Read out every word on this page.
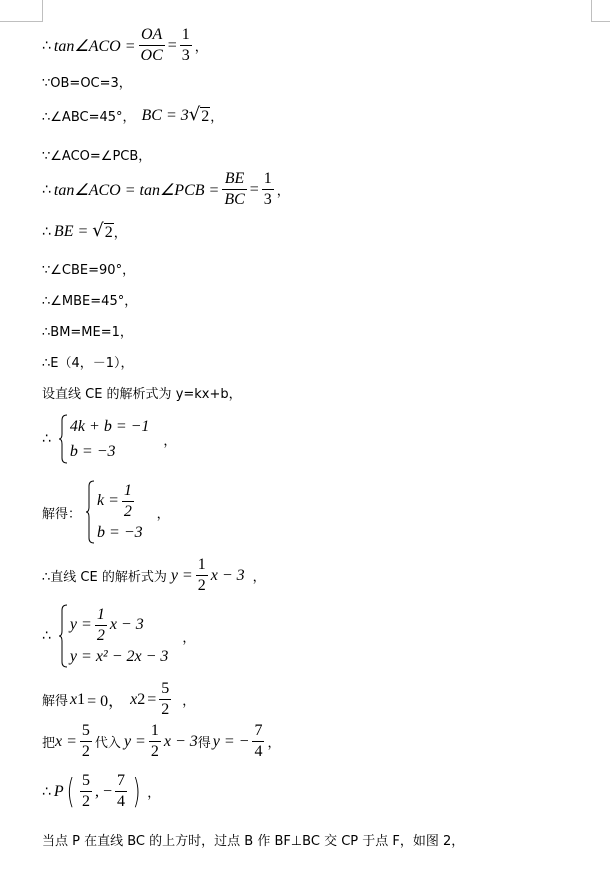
∴ tan∠ACO = $\frac{OA}{OC} = \frac{1}{3}$ ，
∵OB=OC=3，
∴∠ABC=45°， BC = 3 √ 2 ，
∵∠ACO=∠PCB，
∴ tan∠ACO = tan∠PCB = $\frac{BE}{BC} = \frac{1}{3}$ ，
∴ BE = √ 2 ，
∵∠CBE=90°，
∴∠MBE=45°，
∴BM=ME=1，
∴E（4，－1），
设直线 CE 的解析式为 y=kx+b，
∴
4k + b = −1
b = −3
，
解得：
$k = \frac{1}{2}$
b = −3
，
∴直线 CE 的解析式为 $y = \frac{1}{2}$ x − 3 ，
∴
$y = \frac{1}{2}$ x − 3
y = x² − 2x − 3
，
解得 x 1 = 0， x $2 = \frac{5}{2}$ ，
把 $x = \frac{5}{2}$ 代入 $y = \frac{1}{2}$ x − 3 得 y = − $\frac{7}{4}$ ，
∴ P ( $\frac{5}{2}$ , − $\frac{7}{4}$ ) ，
当点 P 在直线 BC 的上方时，过点 B 作 BF⊥BC 交 CP 于点 F，如图 2，
